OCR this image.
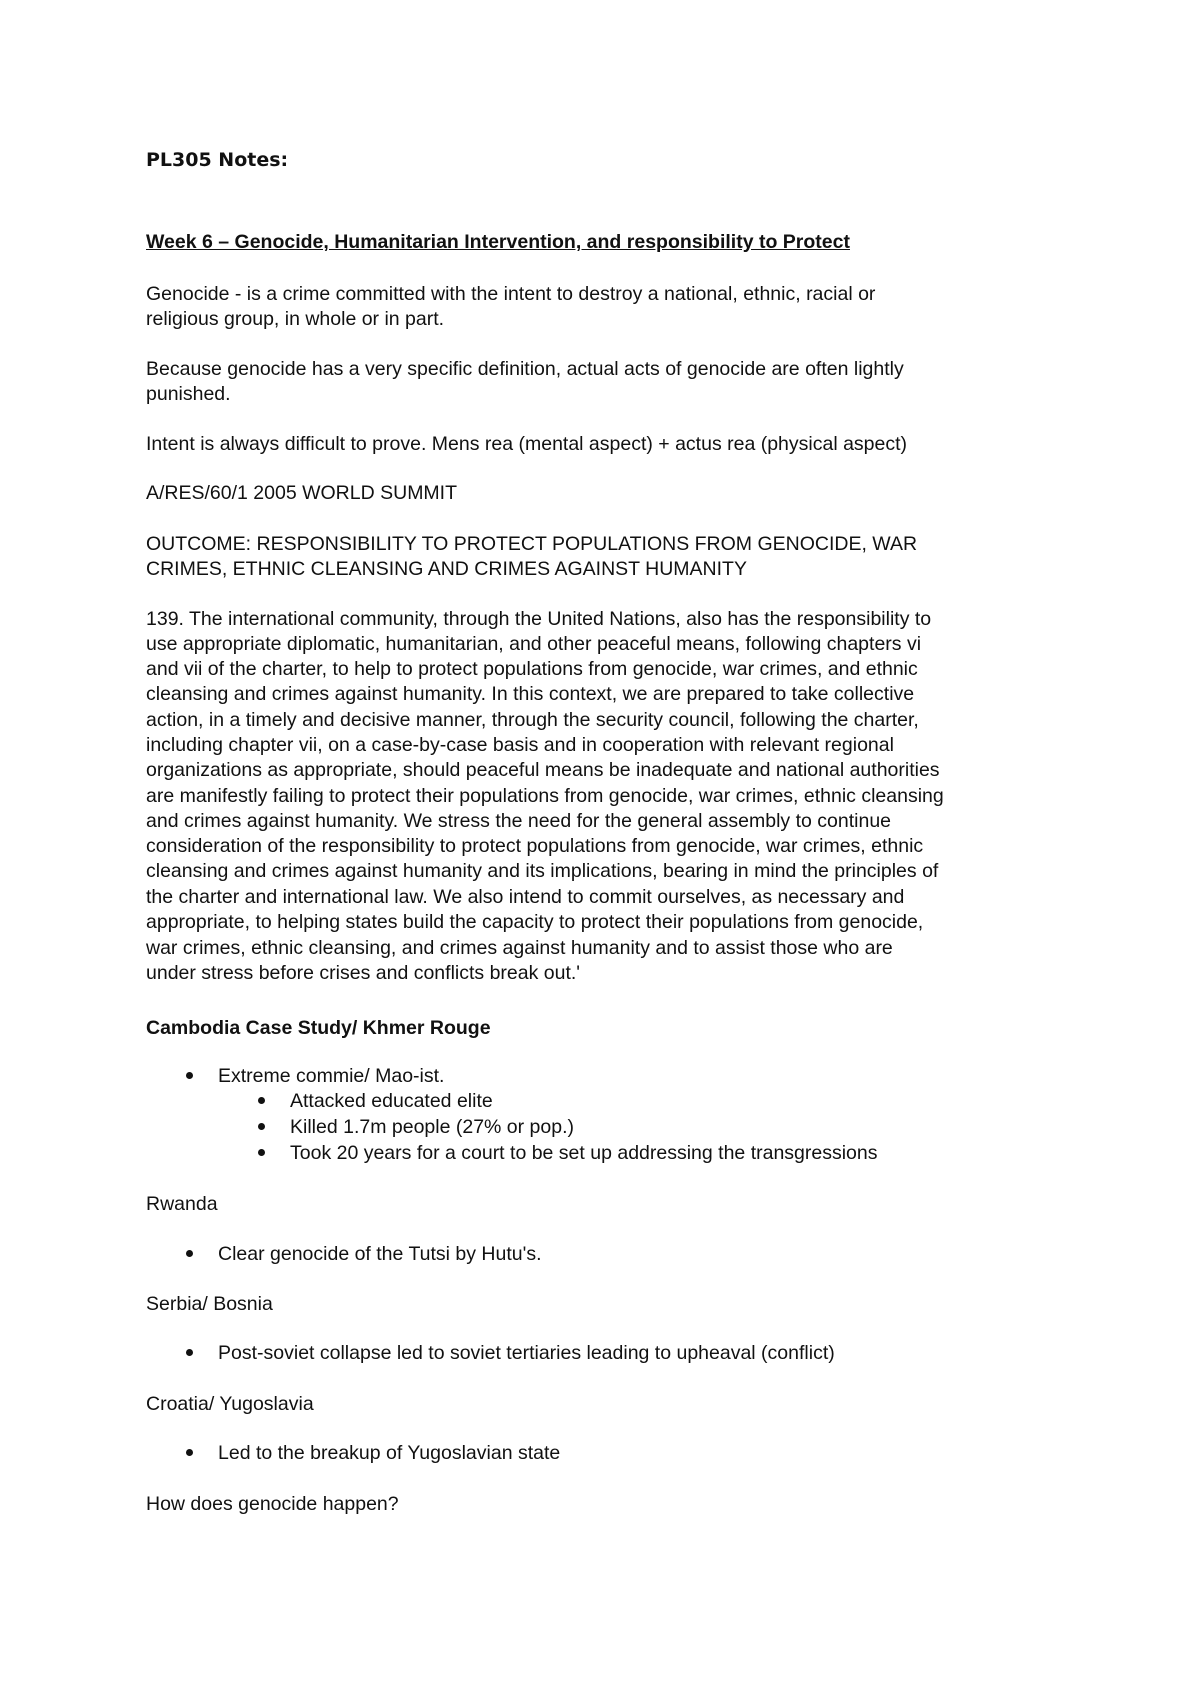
PL305 Notes:
Week 6 – Genocide, Humanitarian Intervention, and responsibility to Protect
Genocide - is a crime committed with the intent to destroy a national, ethnic, racial or
religious group, in whole or in part.
Because genocide has a very specific definition, actual acts of genocide are often lightly
punished.
Intent is always difficult to prove. Mens rea (mental aspect) + actus rea (physical aspect)
A/RES/60/1 2005 WORLD SUMMIT
OUTCOME: RESPONSIBILITY TO PROTECT POPULATIONS FROM GENOCIDE, WAR
CRIMES, ETHNIC CLEANSING AND CRIMES AGAINST HUMANITY
139. The international community, through the United Nations, also has the responsibility to
use appropriate diplomatic, humanitarian, and other peaceful means, following chapters vi
and vii of the charter, to help to protect populations from genocide, war crimes, and ethnic
cleansing and crimes against humanity. In this context, we are prepared to take collective
action, in a timely and decisive manner, through the security council, following the charter,
including chapter vii, on a case-by-case basis and in cooperation with relevant regional
organizations as appropriate, should peaceful means be inadequate and national authorities
are manifestly failing to protect their populations from genocide, war crimes, ethnic cleansing
and crimes against humanity. We stress the need for the general assembly to continue
consideration of the responsibility to protect populations from genocide, war crimes, ethnic
cleansing and crimes against humanity and its implications, bearing in mind the principles of
the charter and international law. We also intend to commit ourselves, as necessary and
appropriate, to helping states build the capacity to protect their populations from genocide,
war crimes, ethnic cleansing, and crimes against humanity and to assist those who are
under stress before crises and conflicts break out.'
Cambodia Case Study/ Khmer Rouge
Extreme commie/ Mao-ist.
Attacked educated elite
Killed 1.7m people (27% or pop.)
Took 20 years for a court to be set up addressing the transgressions
Rwanda
Clear genocide of the Tutsi by Hutu's.
Serbia/ Bosnia
Post-soviet collapse led to soviet tertiaries leading to upheaval (conflict)
Croatia/ Yugoslavia
Led to the breakup of Yugoslavian state
How does genocide happen?
